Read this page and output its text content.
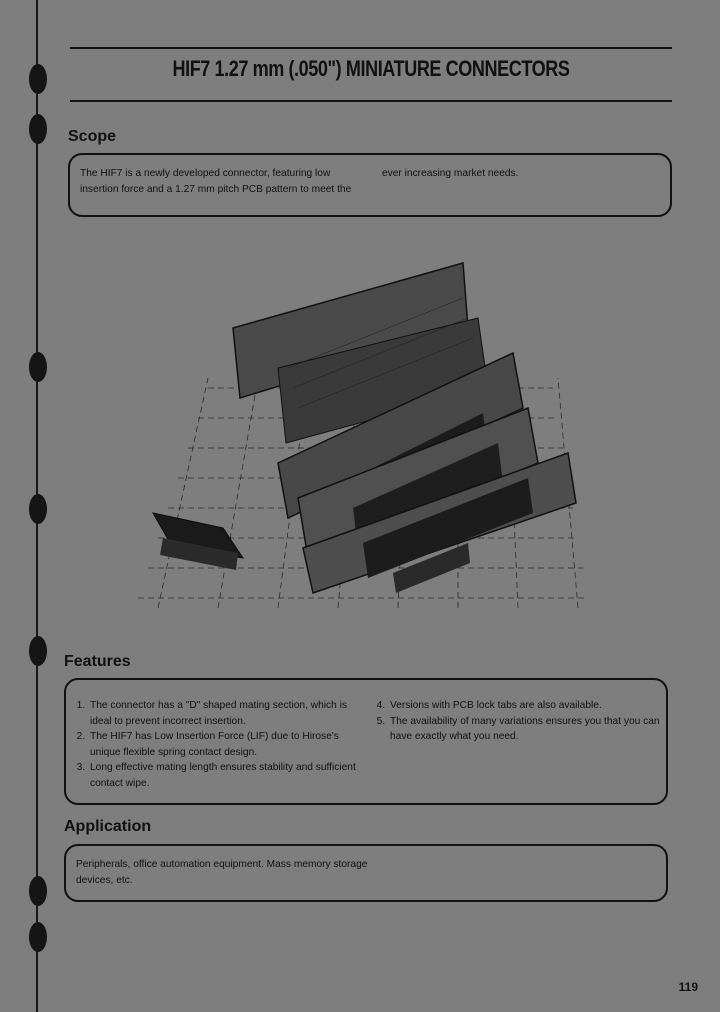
HIF7 1.27 mm (.050") MINIATURE CONNECTORS
Scope
The HIF7 is a newly developed connector, featuring low insertion force and a 1.27 mm pitch PCB pattern to meet the
ever increasing market needs.
Features
1. The connector has a "D" shaped mating section, which is ideal to prevent incorrect insertion.
2. The HIF7 has Low Insertion Force (LIF) due to Hirose's unique flexible spring contact design.
3. Long effective mating length ensures stability and sufficient contact wipe.
4. Versions with PCB lock tabs are also available.
5. The availability of many variations ensures you that you can have exactly what you need.
Application
Peripherals, office automation equipment. Mass memory storage devices, etc.
119
